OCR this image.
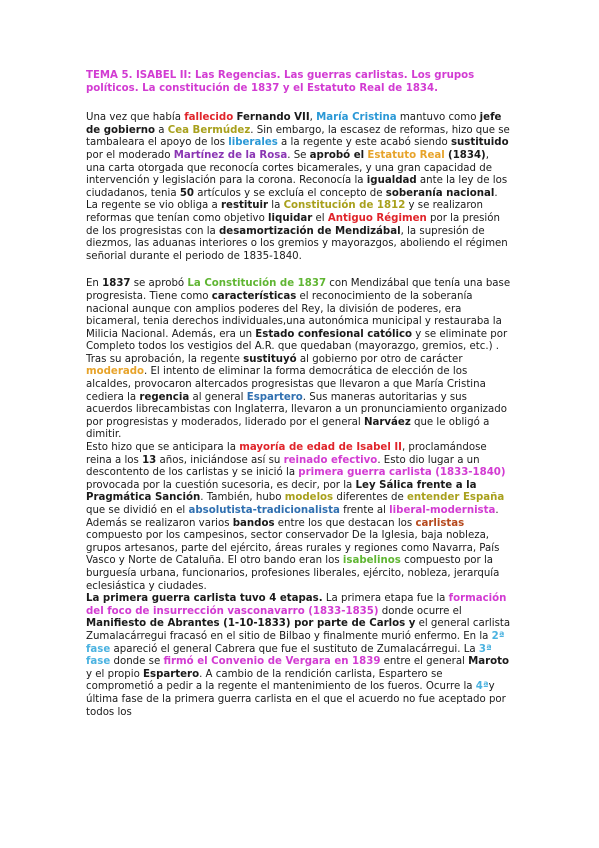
TEMA 5. ISABEL II: Las Regencias. Las guerras carlistas. Los grupos políticos. La constitución de 1837 y el Estatuto Real de 1834.

Una vez que había fallecido Fernando VII, María Cristina mantuvo como jefe de gobierno a Cea Bermúdez. Sin embargo, la escasez de reformas, hizo que se tambaleara el apoyo de los liberales a la regente y este acabó siendo sustituido por el moderado Martínez de la Rosa. Se aprobó el Estatuto Real (1834), una carta otorgada que reconocía cortes bicamerales, y una gran capacidad de intervención y legislación para la corona. Reconocía la igualdad ante la ley de los ciudadanos, tenia 50 artículos y se excluía el concepto de soberanía nacional. La regente se vio obliga a restituir la Constitución de 1812 y se realizaron reformas que tenían como objetivo liquidar el Antiguo Régimen por la presión de los progresistas con la desamortización de Mendizábal, la supresión de diezmos, las aduanas interiores o los gremios y mayorazgos, aboliendo el régimen señorial durante el periodo de 1835-1840.

En 1837 se aprobó La Constitución de 1837 con Mendizábal que tenía una base progresista. Tiene como características el reconocimiento de la soberanía nacional aunque con amplios poderes del Rey, la división de poderes, era bicameral, tenia derechos individuales,una autonómica municipal y restauraba la Milicia Nacional. Además, era un Estado confesional católico y se eliminate por Completo todos los vestigios del A.R. que quedaban (mayorazgo, gremios, etc.) . Tras su aprobación, la regente sustituyó al gobierno por otro de carácter moderado. El intento de eliminar la forma democrática de elección de los alcaldes, provocaron altercados progresistas que llevaron a que María Cristina cediera la regencia al general Espartero. Sus maneras autoritarias y sus acuerdos librecambistas con Inglaterra, llevaron a un pronunciamiento organizado por progresistas y moderados, liderado por el general Narváez que le obligó a dimitir.

Esto hizo que se anticipara la mayoría de edad de Isabel II, proclamándose reina a los 13 años, iniciándose así su reinado efectivo. Esto dio lugar a un descontento de los carlistas y se inició la primera guerra carlista (1833-1840) provocada por la cuestión sucesoria, es decir, por la Ley Sálica frente a la Pragmática Sanción. También, hubo modelos diferentes de entender España que se dividió en el absolutista-tradicionalista frente al liberal-modernista. Además se realizaron varios bandos entre los que destacan los carlistas compuesto por los campesinos, sector conservador De la Iglesia, baja nobleza, grupos artesanos, parte del ejército, áreas rurales y regiones como Navarra, País Vasco y Norte de Cataluña. El otro bando eran los isabelinos compuesto por la burguesía urbana, funcionarios, profesiones liberales, ejército, nobleza, jerarquía eclesiástica y ciudades.

La primera guerra carlista tuvo 4 etapas. La primera etapa fue la formación del foco de insurrección vasconavarro (1833-1835) donde ocurre el Manifiesto de Abrantes (1-10-1833) por parte de Carlos y el general carlista Zumalacárregui fracasó en el sitio de Bilbao y finalmente murió enfermo. En la 2ª fase apareció el general Cabrera que fue el sustituto de Zumalacárregui. La 3ª fase donde se firmó el Convenio de Vergara en 1839 entre el general Maroto y el propio Espartero. A cambio de la rendición carlista, Espartero se comprometió a pedir a la regente el mantenimiento de los fueros. Ocurre la 4ªy última fase de la primera guerra carlista en el que el acuerdo no fue aceptado por todos los
